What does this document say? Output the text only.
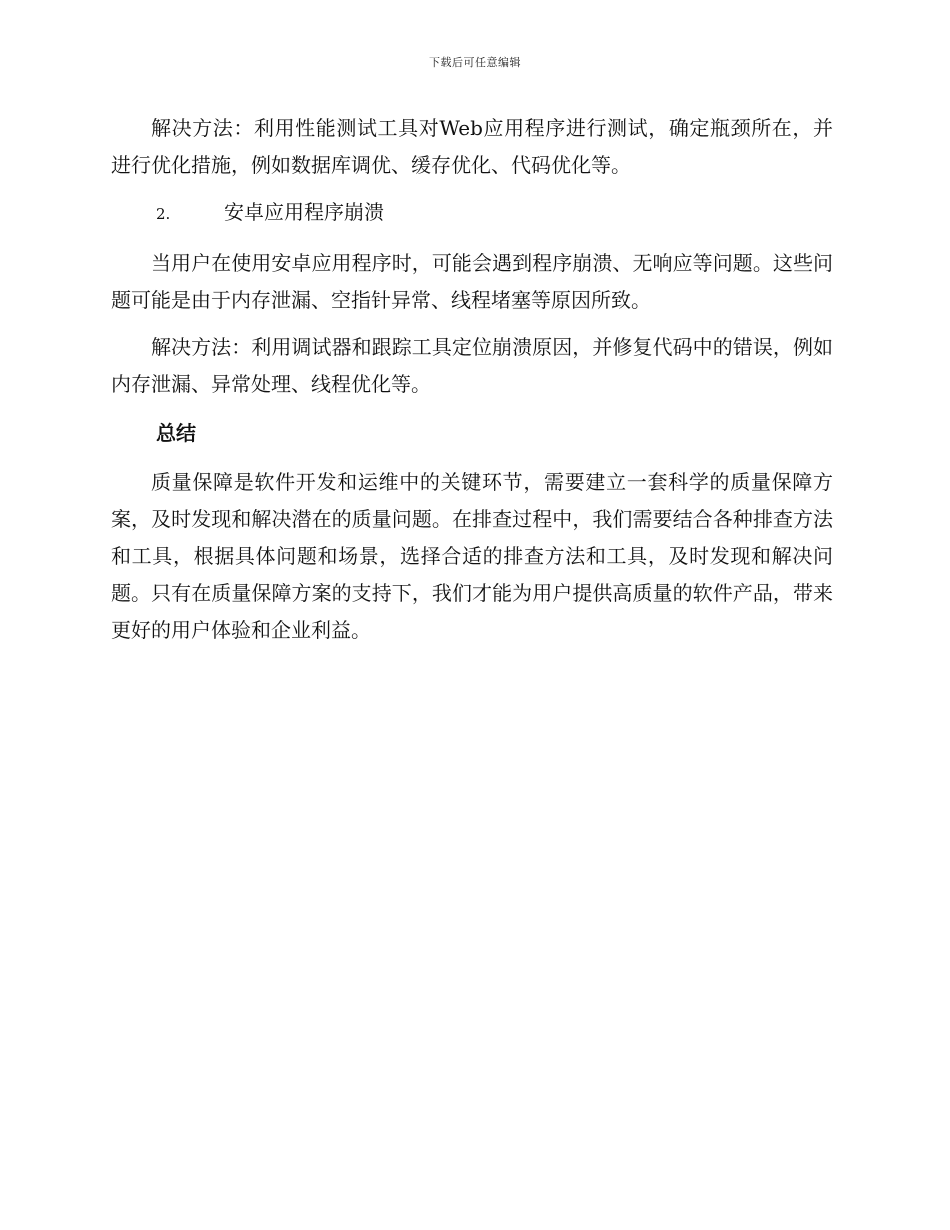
下载后可任意编辑

解决方法：利用性能测试工具对Web应用程序进行测试，确定瓶颈所在，并进行优化措施，例如数据库调优、缓存优化、代码优化等。

2.	安卓应用程序崩溃

当用户在使用安卓应用程序时，可能会遇到程序崩溃、无响应等问题。这些问题可能是由于内存泄漏、空指针异常、线程堵塞等原因所致。

解决方法：利用调试器和跟踪工具定位崩溃原因，并修复代码中的错误，例如内存泄漏、异常处理、线程优化等。

总结

质量保障是软件开发和运维中的关键环节，需要建立一套科学的质量保障方案，及时发现和解决潜在的质量问题。在排查过程中，我们需要结合各种排查方法和工具，根据具体问题和场景，选择合适的排查方法和工具，及时发现和解决问题。只有在质量保障方案的支持下，我们才能为用户提供高质量的软件产品，带来更好的用户体验和企业利益。
